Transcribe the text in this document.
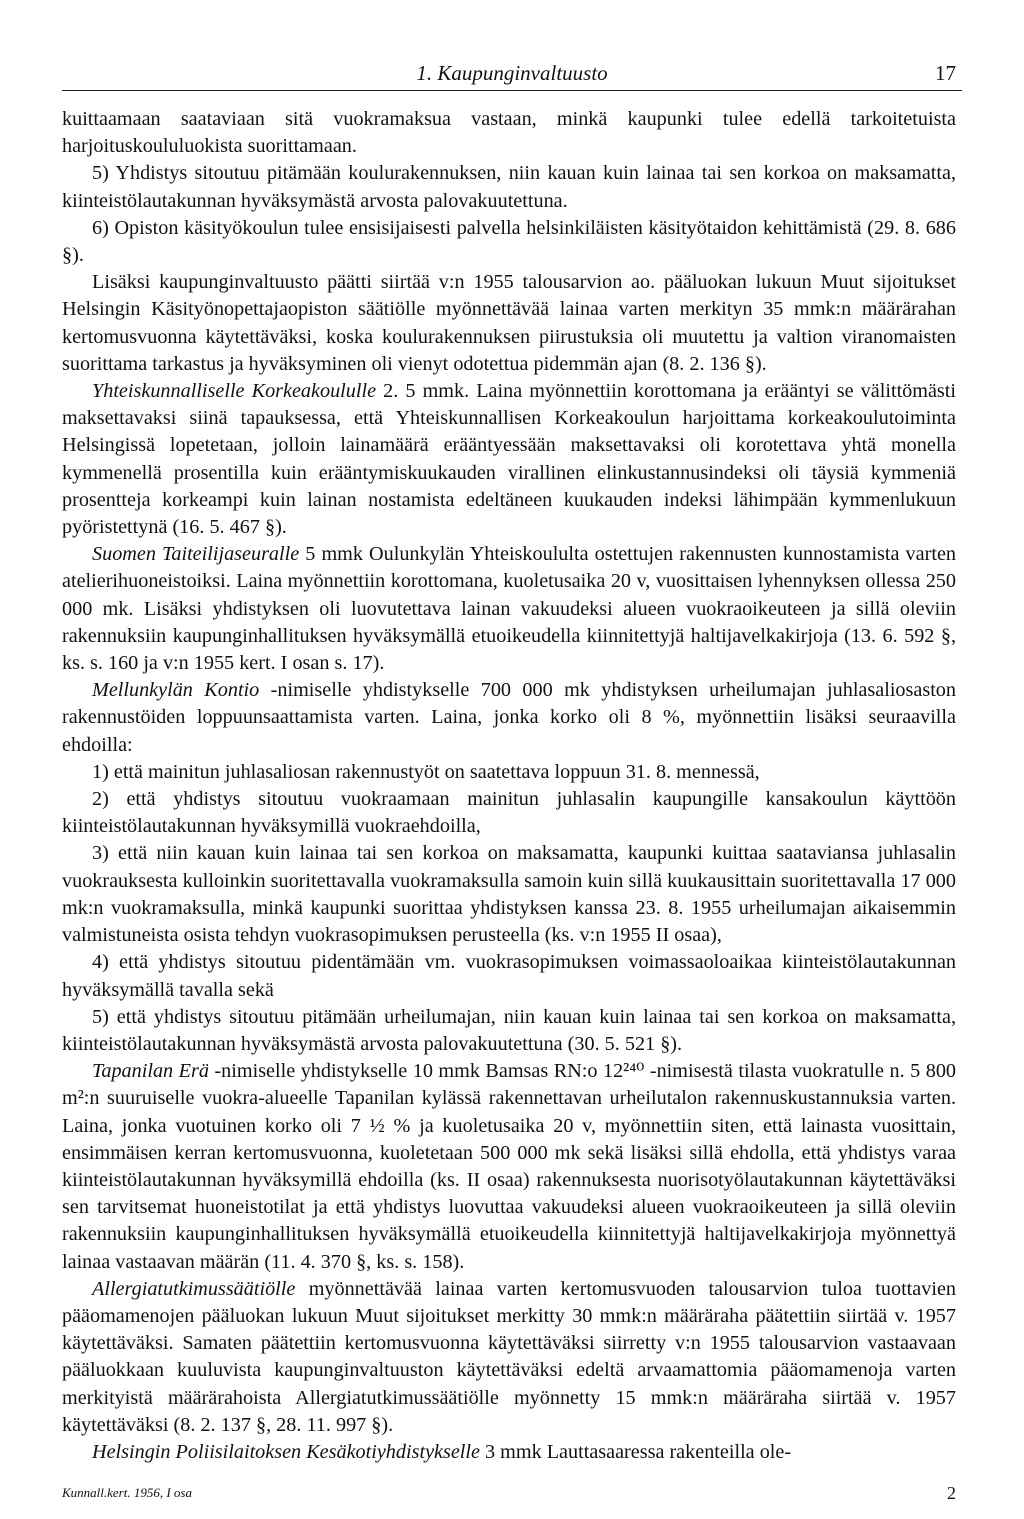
1. Kaupunginvaltuusto	17

kuittaamaan saataviaan sitä vuokramaksua vastaan, minkä kaupunki tulee edellä tarkoitetuista harjoituskoululuokista suorittamaan.

5) Yhdistys sitoutuu pitämään koulurakennuksen, niin kauan kuin lainaa tai sen korkoa on maksamatta, kiinteistölautakunnan hyväksymästä arvosta palovakuutettuna.

6) Opiston käsityökoulun tulee ensisijaisesti palvella helsinkiläisten käsityötaidon kehittämistä (29. 8. 686 §).

Lisäksi kaupunginvaltuusto päätti siirtää v:n 1955 talousarvion ao. pääluokan lukuun Muut sijoitukset Helsingin Käsityönopettajaopiston säätiölle myönnettävää lainaa varten merkityn 35 mmk:n määrärahan kertomusvuonna käytettäväksi, koska koulurakennuksen piirustuksia oli muutettu ja valtion viranomaisten suorittama tarkastus ja hyväksyminen oli vienyt odotettua pidemmän ajan (8. 2. 136 §).

Yhteiskunnalliselle Korkeakoululle 2. 5 mmk. Laina myönnettiin korottomana ja erääntyi se välittömästi maksettavaksi siinä tapauksessa, että Yhteiskunnallisen Korkeakoulun harjoittama korkeakoulutoiminta Helsingissä lopetetaan, jolloin lainamäärä erääntyessään maksettavaksi oli korotettava yhtä monella kymmenellä prosentilla kuin erääntymiskuukauden virallinen elinkustannusindeksi oli täysiä kymmeniä prosentteja korkeampi kuin lainan nostamista edeltäneen kuukauden indeksi lähimpään kymmenlukuun pyöristettynä (16. 5. 467 §).

Suomen Taiteilijaseuralle 5 mmk Oulunkylän Yhteiskoululta ostettujen rakennusten kunnostamista varten atelierihuoneistoiksi. Laina myönnettiin korottomana, kuoletusaika 20 v, vuosittaisen lyhennyksen ollessa 250 000 mk. Lisäksi yhdistyksen oli luovutettava lainan vakuudeksi alueen vuokraoikeuteen ja sillä oleviin rakennuksiin kaupunginhallituksen hyväksymällä etuoikeudella kiinnitettyjä haltijavelkakirjoja (13. 6. 592 §, ks. s. 160 ja v:n 1955 kert. I osan s. 17).

Mellunkylän Kontio -nimiselle yhdistykselle 700 000 mk yhdistyksen urheilumajan juhlasaliosaston rakennustöiden loppuunsaattamista varten. Laina, jonka korko oli 8 %, myönnettiin lisäksi seuraavilla ehdoilla:

1) että mainitun juhlasaliosan rakennustyöt on saatettava loppuun 31. 8. mennessä,

2) että yhdistys sitoutuu vuokraamaan mainitun juhlasalin kaupungille kansakoulun käyttöön kiinteistölautakunnan hyväksymillä vuokraehdoilla,

3) että niin kauan kuin lainaa tai sen korkoa on maksamatta, kaupunki kuittaa saataviansa juhlasalin vuokrauksesta kulloinkin suoritettavalla vuokramaksulla samoin kuin sillä kuukausittain suoritettavalla 17 000 mk:n vuokramaksulla, minkä kaupunki suorittaa yhdistyksen kanssa 23. 8. 1955 urheilumajan aikaisemmin valmistuneista osista tehdyn vuokrasopimuksen perusteella (ks. v:n 1955 II osaa),

4) että yhdistys sitoutuu pidentämään vm. vuokrasopimuksen voimassaoloaikaa kiinteistölautakunnan hyväksymällä tavalla sekä

5) että yhdistys sitoutuu pitämään urheilumajan, niin kauan kuin lainaa tai sen korkoa on maksamatta, kiinteistölautakunnan hyväksymästä arvosta palovakuutettuna (30. 5. 521 §).

Tapanilan Erä -nimiselle yhdistykselle 10 mmk Bamsas RN:o 12²⁴⁰ -nimisestä tilasta vuokratulle n. 5 800 m²:n suuruiselle vuokra-alueelle Tapanilan kylässä rakennettavan urheilutalon rakennuskustannuksia varten. Laina, jonka vuotuinen korko oli 7 ½ % ja kuoletusaika 20 v, myönnettiin siten, että lainasta vuosittain, ensimmäisen kerran kertomusvuonna, kuoletetaan 500 000 mk sekä lisäksi sillä ehdolla, että yhdistys varaa kiinteistölautakunnan hyväksymillä ehdoilla (ks. II osaa) rakennuksesta nuorisotyölautakunnan käytettäväksi sen tarvitsemat huoneistotilat ja että yhdistys luovuttaa vakuudeksi alueen vuokraoikeuteen ja sillä oleviin rakennuksiin kaupunginhallituksen hyväksymällä etuoikeudella kiinnitettyjä haltijavelkakirjoja myönnettyä lainaa vastaavan määrän (11. 4. 370 §, ks. s. 158).

Allergiatutkimussäätiölle myönnettävää lainaa varten kertomusvuoden talousarvion tuloa tuottavien pääomamenojen pääluokan lukuun Muut sijoitukset merkitty 30 mmk:n määräraha päätettiin siirtää v. 1957 käytettäväksi. Samaten päätettiin kertomusvuonna käytettäväksi siirretty v:n 1955 talousarvion vastaavaan pääluokkaan kuuluvista kaupunginvaltuuston käytettäväksi edeltä arvaamattomia pääomamenoja varten merkityistä määrärahoista Allergiatutkimussäätiölle myönnetty 15 mmk:n määräraha siirtää v. 1957 käytettäväksi (8. 2. 137 §, 28. 11. 997 §).

Helsingin Poliisilaitoksen Kesäkotiyhdistykselle 3 mmk Lauttasaaressa rakenteilla ole-

Kunnall.kert. 1956, I osa	2
